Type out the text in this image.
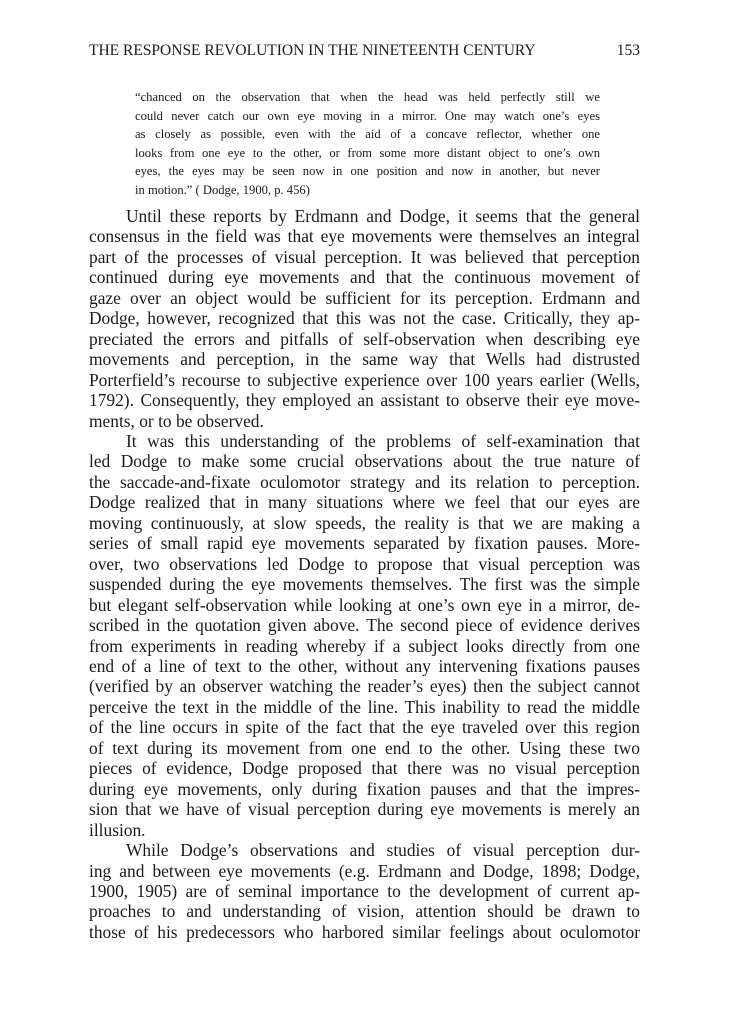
THE RESPONSE REVOLUTION IN THE NINETEENTH CENTURY	153
“chanced on the observation that when the head was held perfectly still we
could never catch our own eye moving in a mirror. One may watch one’s eyes
as closely as possible, even with the aid of a concave reflector, whether one
looks from one eye to the other, or from some more distant object to one’s own
eyes, the eyes may be seen now in one position and now in another, but never
in motion.” ( Dodge, 1900, p. 456)

Until these reports by Erdmann and Dodge, it seems that the general
consensus in the field was that eye movements were themselves an integral
part of the processes of visual perception. It was believed that perception
continued during eye movements and that the continuous movement of
gaze over an object would be sufficient for its perception. Erdmann and
Dodge, however, recognized that this was not the case. Critically, they ap-
preciated the errors and pitfalls of self-observation when describing eye
movements and perception, in the same way that Wells had distrusted
Porterfield’s recourse to subjective experience over 100 years earlier (Wells,
1792). Consequently, they employed an assistant to observe their eye move-
ments, or to be observed.

It was this understanding of the problems of self-examination that
led Dodge to make some crucial observations about the true nature of
the saccade-and-fixate oculomotor strategy and its relation to perception.
Dodge realized that in many situations where we feel that our eyes are
moving continuously, at slow speeds, the reality is that we are making a
series of small rapid eye movements separated by fixation pauses. More-
over, two observations led Dodge to propose that visual perception was
suspended during the eye movements themselves. The first was the simple
but elegant self-observation while looking at one’s own eye in a mirror, de-
scribed in the quotation given above. The second piece of evidence derives
from experiments in reading whereby if a subject looks directly from one
end of a line of text to the other, without any intervening fixations pauses
(verified by an observer watching the reader’s eyes) then the subject cannot
perceive the text in the middle of the line. This inability to read the middle
of the line occurs in spite of the fact that the eye traveled over this region
of text during its movement from one end to the other. Using these two
pieces of evidence, Dodge proposed that there was no visual perception
during eye movements, only during fixation pauses and that the impres-
sion that we have of visual perception during eye movements is merely an
illusion.

While Dodge’s observations and studies of visual perception dur-
ing and between eye movements (e.g. Erdmann and Dodge, 1898; Dodge,
1900, 1905) are of seminal importance to the development of current ap-
proaches to and understanding of vision, attention should be drawn to
those of his predecessors who harbored similar feelings about oculomotor
